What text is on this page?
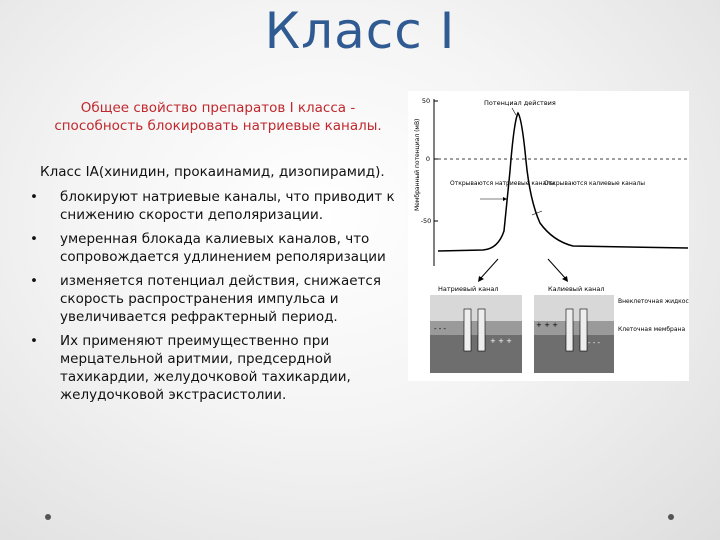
Класс I
Общее свойство препаратов I класса - способность блокировать натриевые каналы.
Класс IA(хинидин, прокаинамид, дизопирамид).
• блокируют натриевые каналы, что приводит к снижению скорости деполяризации.
• умеренная блокада калиевых каналов, что сопровождается удлинением реполяризации
• изменяется потенциал действия, снижается скорость распространения импульса и увеличивается рефрактерный период.
• Их применяют преимущественно при мерцательной аритмии, предсердной тахикардии, желудочковой тахикардии, желудочковой экстрасистолии.
50
0
-50
Мембранный потенциал (мВ)
Потенциал действия
Открываются натриевые каналы
Открываются калиевые каналы
Натриевый канал	Калиевый канал
Внеклеточная жидкость
Клеточная мембрана
- - -
+ + +
+ + +
- - -
